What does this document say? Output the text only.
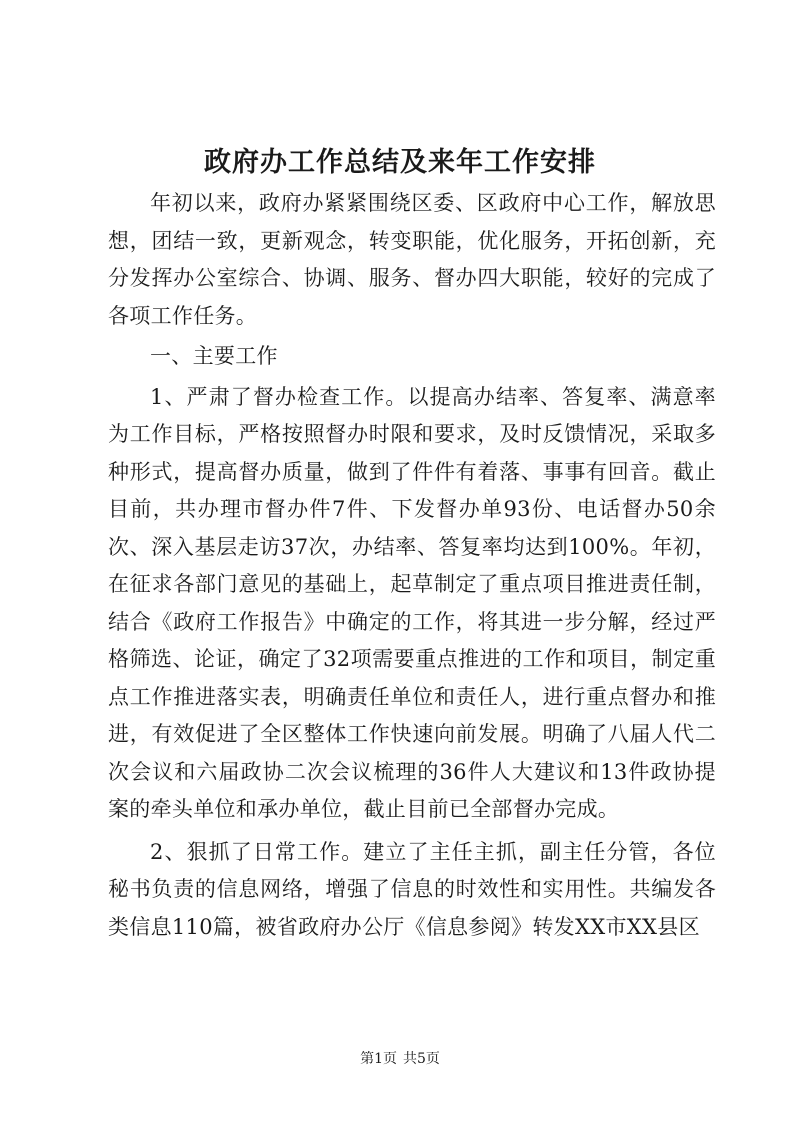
政府办工作总结及来年工作安排

年初以来，政府办紧紧围绕区委、区政府中心工作，解放思想，团结一致，更新观念，转变职能，优化服务，开拓创新，充分发挥办公室综合、协调、服务、督办四大职能，较好的完成了各项工作任务。

一、主要工作

1、严肃了督办检查工作。以提高办结率、答复率、满意率为工作目标，严格按照督办时限和要求，及时反馈情况，采取多种形式，提高督办质量，做到了件件有着落、事事有回音。截止目前，共办理市督办件7件、下发督办单93份、电话督办50余次、深入基层走访37次，办结率、答复率均达到100%。年初，在征求各部门意见的基础上，起草制定了重点项目推进责任制，结合《政府工作报告》中确定的工作，将其进一步分解，经过严格筛选、论证，确定了32项需要重点推进的工作和项目，制定重点工作推进落实表，明确责任单位和责任人，进行重点督办和推进，有效促进了全区整体工作快速向前发展。明确了八届人代二次会议和六届政协二次会议梳理的36件人大建议和13件政协提案的牵头单位和承办单位，截止目前已全部督办完成。

2、狠抓了日常工作。建立了主任主抓，副主任分管，各位秘书负责的信息网络，增强了信息的时效性和实用性。共编发各类信息110篇，被省政府办公厅《信息参阅》转发XX市XX县区

第1页 共5页
